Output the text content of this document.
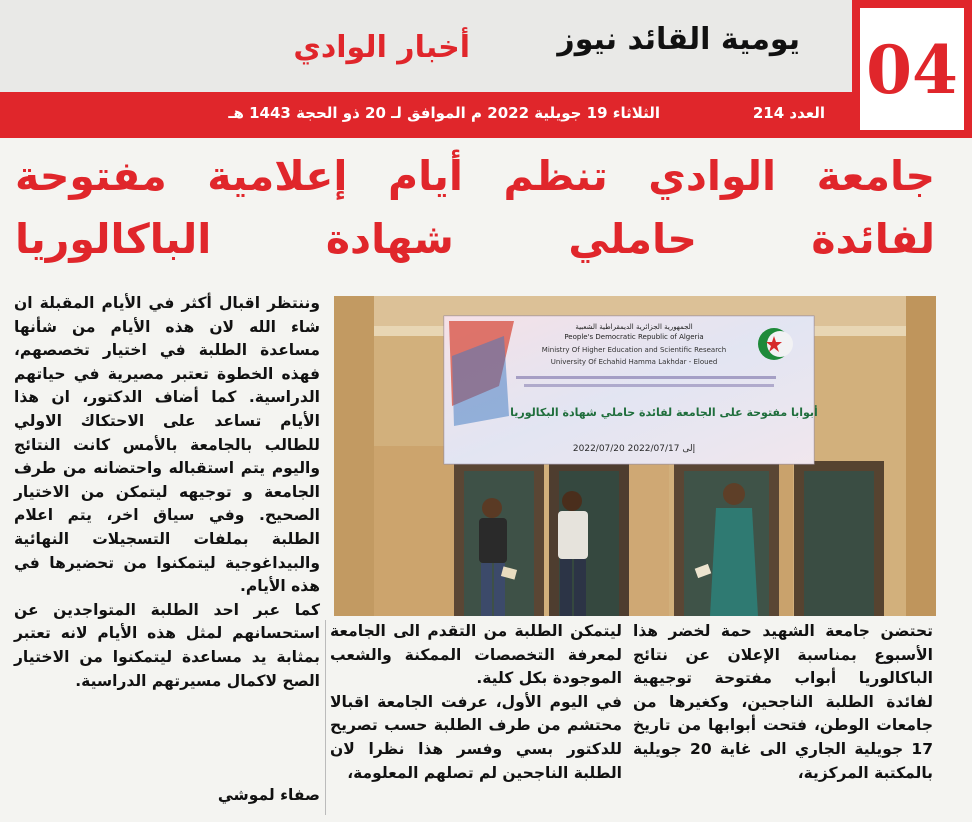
04
يومية القائد نيوز
أخبار الوادي
العدد 214
الثلاثاء 19 جويلية 2022 م الموافق لـ 20 ذو الحجة 1443 هـ
جامعة الوادي تنظم أيام إعلامية مفتوحة
لفائدة حاملي شهادة الباكالوريا
الجمهورية الجزائرية الديمقراطية الشعبية
People's Democratic Republic of Algeria
Ministry Of Higher Education and Scientific Research
University Of Echahid Hamma Lakhdar - Eloued
أبوابا مفتوحة على الجامعة لفائدة حاملي شهادة البكالوريا
2022/07/20 إلى 2022/07/17

وننتظر اقبال أكثر في الأيام المقبلة ان شاء الله لان هذه الأيام من شأنها مساعدة الطلبة في اختيار تخصصهم، فهذه الخطوة تعتبر مصيرية في حياتهم الدراسية. كما أضاف الدكتور، ان هذا الأيام تساعد على الاحتكاك الاولي للطالب بالجامعة بالأمس كانت النتائج واليوم يتم استقباله واحتضانه من طرف الجامعة و توجيهه ليتمكن من الاختيار الصحيح. وفي سياق اخر، يتم اعلام الطلبة بملفات التسجيلات النهائية والبيداغوجية ليتمكنوا من تحضيرها في هذه الأيام.

كما عبر احد الطلبة المتواجدين عن استحسانهم لمثل هذه الأيام لانه تعتبر بمثابة يد مساعدة ليتمكنوا من الاختيار الصح لاكمال مسيرتهم الدراسية.

صفاء لموشي

ليتمكن الطلبة من التقدم الى الجامعة لمعرفة التخصصات الممكنة والشعب الموجودة بكل كلية.

في اليوم الأول، عرفت الجامعة اقبالا محتشم من طرف الطلبة حسب تصريح للدكتور بسي وفسر هذا نظرا لان الطلبة الناجحين لم تصلهم المعلومة،

تحتضن جامعة الشهيد حمة لخضر هذا الأسبوع بمناسبة الإعلان عن نتائج الباكالوريا أبواب مفتوحة توجيهية لفائدة الطلبة الناجحين، وكغيرها من جامعات الوطن، فتحت أبوابها من تاريخ 17 جويلية الجاري الى غاية 20 جويلية بالمكتبة المركزية،
